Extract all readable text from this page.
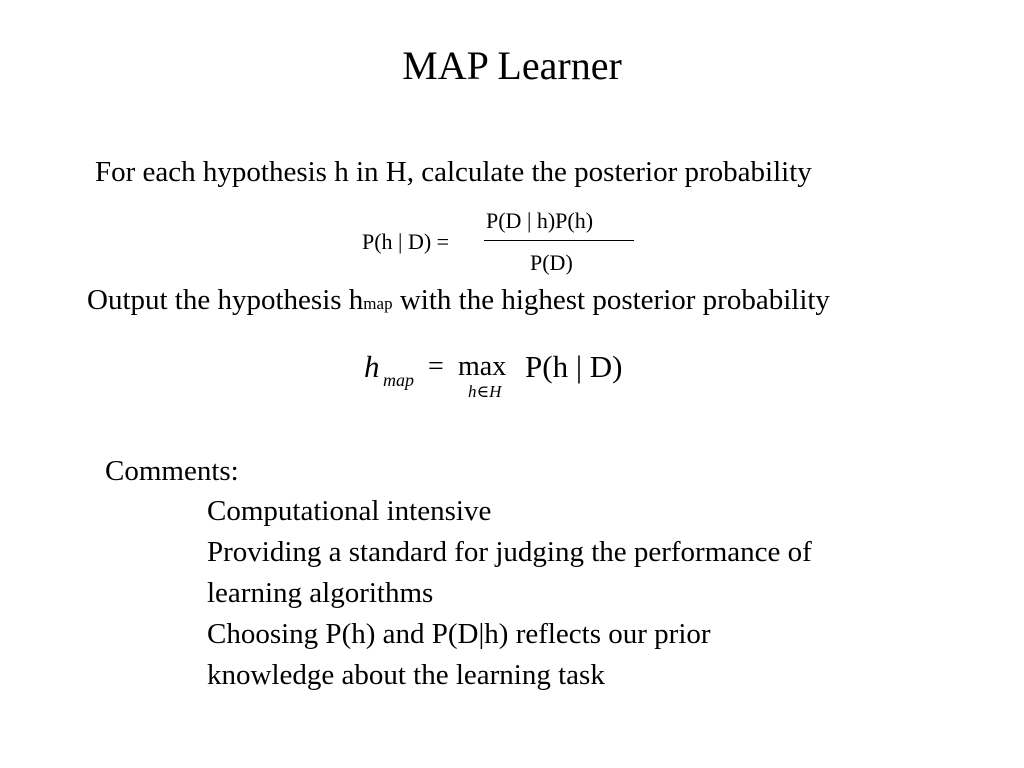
MAP Learner
For each hypothesis h in H, calculate the posterior probability
P(h | D) =
P(D | h)P(h)
P(D)
Output the hypothesis hmap with the highest posterior probability
h map = max
h∈H
P(h | D)
Comments:
Computational intensive
Providing a standard for judging the performance of
learning algorithms
Choosing P(h) and P(D|h) reflects our prior
knowledge about the learning task
